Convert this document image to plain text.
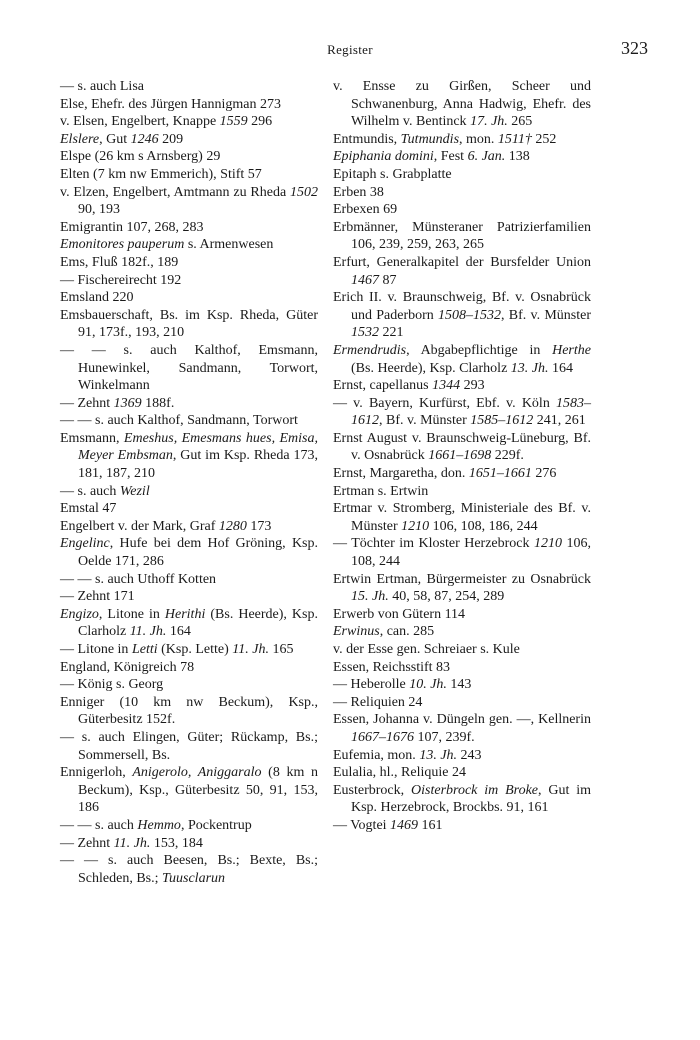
Register	323
— s. auch Lisa
Else, Ehefr. des Jürgen Hannigman 273
v. Elsen, Engelbert, Knappe 1559 296
Elslere, Gut 1246 209
Elspe (26 km s Arnsberg) 29
Elten (7 km nw Emmerich), Stift 57
v. Elzen, Engelbert, Amtmann zu Rheda 1502 90, 193
Emigrantin 107, 268, 283
Emonitores pauperum s. Armenwesen
Ems, Fluß 182f., 189
— Fischereirecht 192
Emsland 220
Emsbauerschaft, Bs. im Ksp. Rheda, Güter 91, 173f., 193, 210
— — s. auch Kalthof, Emsmann, Hunewinkel, Sandmann, Torwort, Winkelmann
— Zehnt 1369 188f.
— — s. auch Kalthof, Sandmann, Torwort
Emsmann, Emeshus, Emesmans hues, Emisa, Meyer Embsman, Gut im Ksp. Rheda 173, 181, 187, 210
— s. auch Wezil
Emstal 47
Engelbert v. der Mark, Graf 1280 173
Engelinc, Hufe bei dem Hof Gröning, Ksp. Oelde 171, 286
— — s. auch Uthoff Kotten
— Zehnt 171
Engizo, Litone in Herithi (Bs. Heerde), Ksp. Clarholz 11. Jh. 164
— Litone in Letti (Ksp. Lette) 11. Jh. 165
England, Königreich 78
— König s. Georg
Enniger (10 km nw Beckum), Ksp., Güterbesitz 152f.
— s. auch Elingen, Güter; Rückamp, Bs.; Sommersell, Bs.
Ennigerloh, Anigerolo, Aniggaralo (8 km n Beckum), Ksp., Güterbesitz 50, 91, 153, 186
— — s. auch Hemmo, Pockentrup
— Zehnt 11. Jh. 153, 184
— — s. auch Beesen, Bs.; Bexte, Bs.; Schleden, Bs.; Tuusclarun
v. Ensse zu Girßen, Scheer und Schwanenburg, Anna Hadwig, Ehefr. des Wilhelm v. Bentinck 17. Jh. 265
Entmundis, Tutmundis, mon. 1511† 252
Epiphania domini, Fest 6. Jan. 138
Epitaph s. Grabplatte
Erben 38
Erbexen 69
Erbmänner, Münsteraner Patrizierfamilien 106, 239, 259, 263, 265
Erfurt, Generalkapitel der Bursfelder Union 1467 87
Erich II. v. Braunschweig, Bf. v. Osnabrück und Paderborn 1508–1532, Bf. v. Münster 1532 221
Ermendrudis, Abgabepflichtige in Herthe (Bs. Heerde), Ksp. Clarholz 13. Jh. 164
Ernst, capellanus 1344 293
— v. Bayern, Kurfürst, Ebf. v. Köln 1583–1612, Bf. v. Münster 1585–1612 241, 261
Ernst August v. Braunschweig-Lüneburg, Bf. v. Osnabrück 1661–1698 229f.
Ernst, Margaretha, don. 1651–1661 276
Ertman s. Ertwin
Ertmar v. Stromberg, Ministeriale des Bf. v. Münster 1210 106, 108, 186, 244
— Töchter im Kloster Herzebrock 1210 106, 108, 244
Ertwin Ertman, Bürgermeister zu Osnabrück 15. Jh. 40, 58, 87, 254, 289
Erwerb von Gütern 114
Erwinus, can. 285
v. der Esse gen. Schreiaer s. Kule
Essen, Reichsstift 83
— Heberolle 10. Jh. 143
— Reliquien 24
Essen, Johanna v. Düngeln gen. —, Kellnerin 1667–1676 107, 239f.
Eufemia, mon. 13. Jh. 243
Eulalia, hl., Reliquie 24
Eusterbrock, Oisterbrock im Broke, Gut im Ksp. Herzebrock, Brockbs. 91, 161
— Vogtei 1469 161
